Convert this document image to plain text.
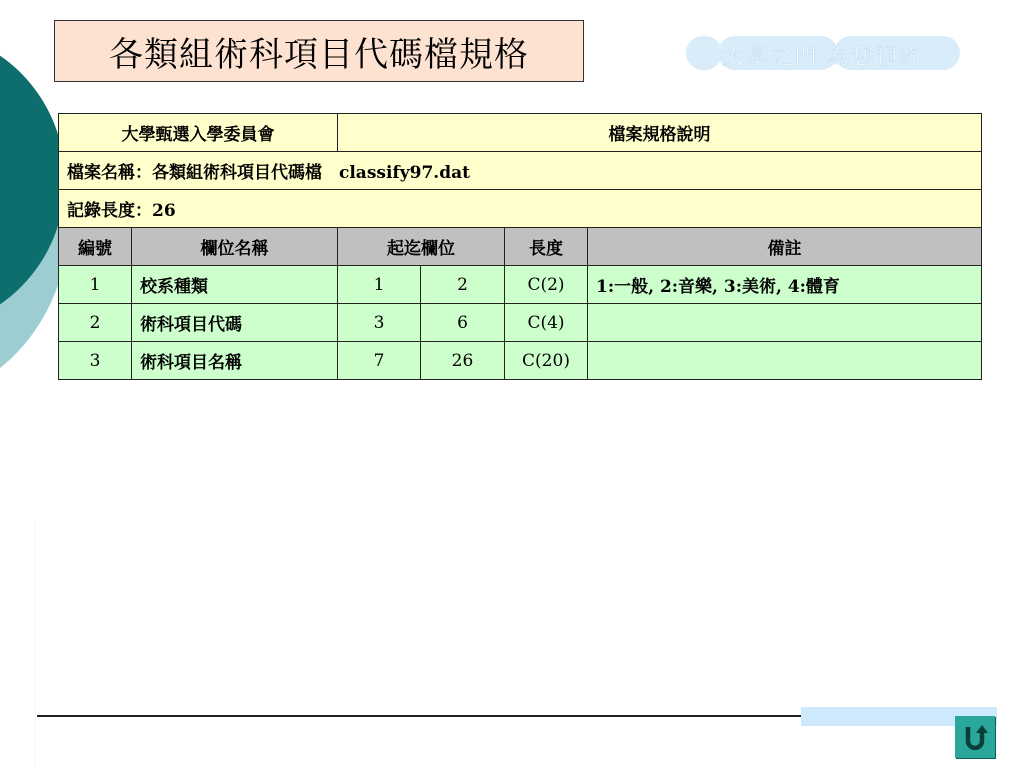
各類組術科項目代碼檔規格	大學之門 為您預約
大學甄選入學委員會		檔案規格說明			
檔案名稱：各類組術科項目代碼檔　classify97.dat					
記錄長度：26					
編號	欄位名稱	起迄欄位		長度	備註
1	校系種類	1	2	C(2)	1:一般, 2:音樂, 3:美術, 4:體育
2	術科項目代碼	3	6	C(4)	
3	術科項目名稱	7	26	C(20)	
